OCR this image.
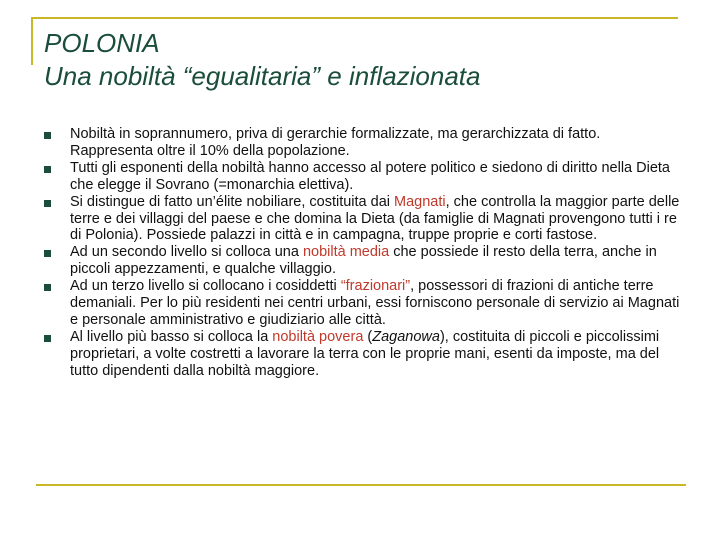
POLONIA
Una nobiltà “egualitaria” e inflazionata
Nobiltà in soprannumero, priva di gerarchie formalizzate, ma gerarchizzata di fatto. Rappresenta oltre il 10% della popolazione.
Tutti gli esponenti della nobiltà hanno accesso al potere politico e siedono di diritto nella Dieta che elegge il Sovrano (=monarchia elettiva).
Si distingue di fatto un’élite nobiliare, costituita dai Magnati, che controlla la maggior parte delle terre e dei villaggi del paese e che domina la Dieta (da famiglie di Magnati provengono tutti i re di Polonia). Possiede palazzi in città e in campagna, truppe proprie e corti fastose.
Ad un secondo livello si colloca una nobiltà media che possiede il resto della terra, anche in piccoli appezzamenti, e qualche villaggio.
Ad un terzo livello si collocano i cosiddetti “frazionari”, possessori di frazioni di antiche terre demaniali. Per lo più residenti nei centri urbani, essi forniscono personale di servizio ai Magnati e personale amministrativo e giudiziario alle città.
Al livello più basso si colloca la nobiltà povera (Zaganowa), costituita di piccoli e piccolissimi proprietari, a volte costretti a lavorare la terra con le proprie mani, esenti da imposte, ma del tutto dipendenti dalla nobiltà maggiore.
